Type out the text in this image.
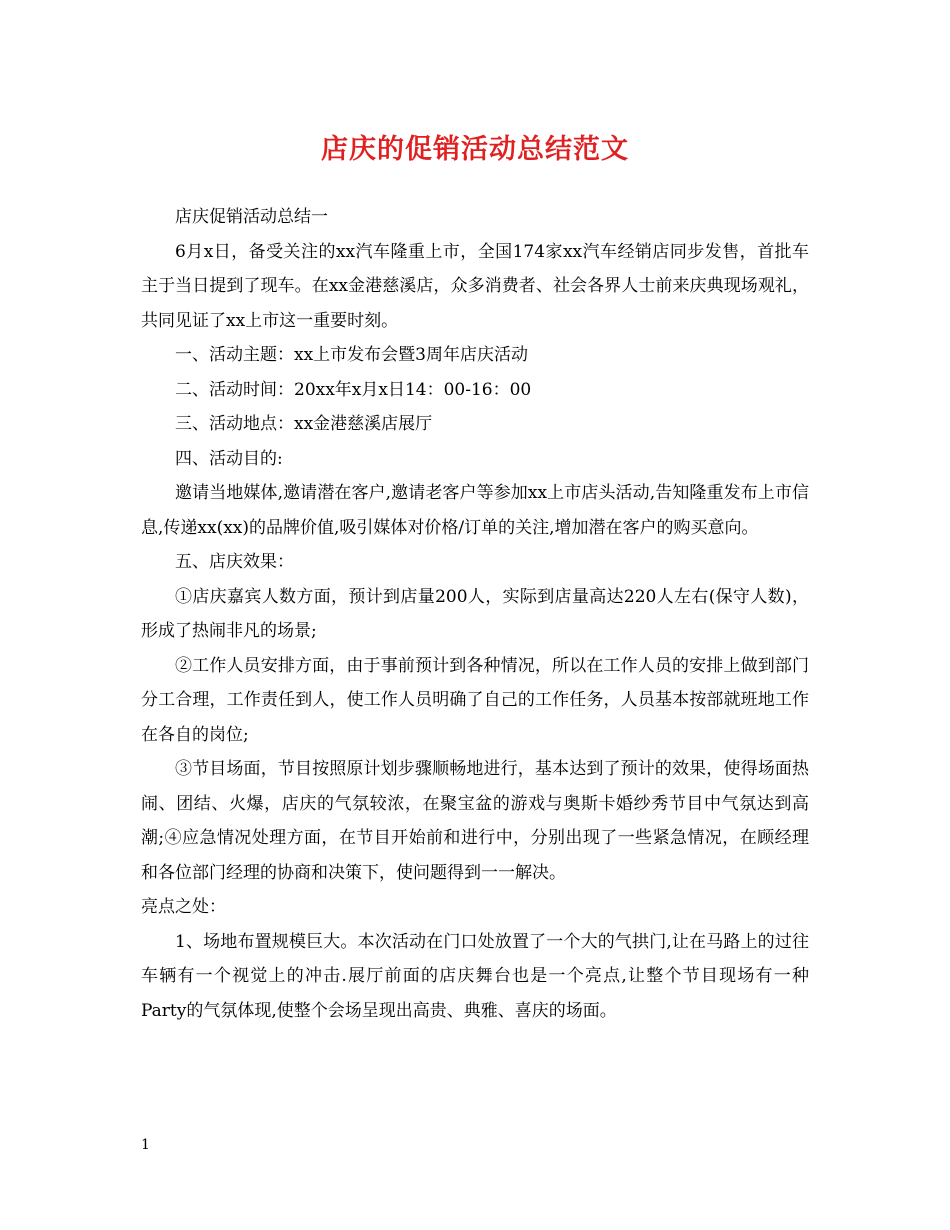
店庆的促销活动总结范文

店庆促销活动总结一

6月x日，备受关注的xx汽车隆重上市，全国174家xx汽车经销店同步发售，首批车主于当日提到了现车。在xx金港慈溪店，众多消费者、社会各界人士前来庆典现场观礼，共同见证了xx上市这一重要时刻。

一、活动主题：xx上市发布会暨3周年店庆活动

二、活动时间：20xx年x月x日14：00-16：00

三、活动地点：xx金港慈溪店展厅

四、活动目的:

邀请当地媒体,邀请潜在客户,邀请老客户等参加xx上市店头活动,告知隆重发布上市信息,传递xx(xx)的品牌价值,吸引媒体对价格/订单的关注,增加潜在客户的购买意向。

五、店庆效果：

①店庆嘉宾人数方面，预计到店量200人，实际到店量高达220人左右(保守人数)，形成了热闹非凡的场景;

②工作人员安排方面，由于事前预计到各种情况，所以在工作人员的安排上做到部门分工合理，工作责任到人，使工作人员明确了自己的工作任务，人员基本按部就班地工作在各自的岗位;

③节目场面，节目按照原计划步骤顺畅地进行，基本达到了预计的效果，使得场面热闹、团结、火爆，店庆的气氛较浓，在聚宝盆的游戏与奥斯卡婚纱秀节目中气氛达到高潮;④应急情况处理方面，在节目开始前和进行中，分别出现了一些紧急情况，在顾经理和各位部门经理的协商和决策下，使问题得到一一解决。

亮点之处：

1、场地布置规模巨大。本次活动在门口处放置了一个大的气拱门,让在马路上的过往车辆有一个视觉上的冲击.展厅前面的店庆舞台也是一个亮点,让整个节目现场有一种Party的气氛体现,使整个会场呈现出高贵、典雅、喜庆的场面。

1
